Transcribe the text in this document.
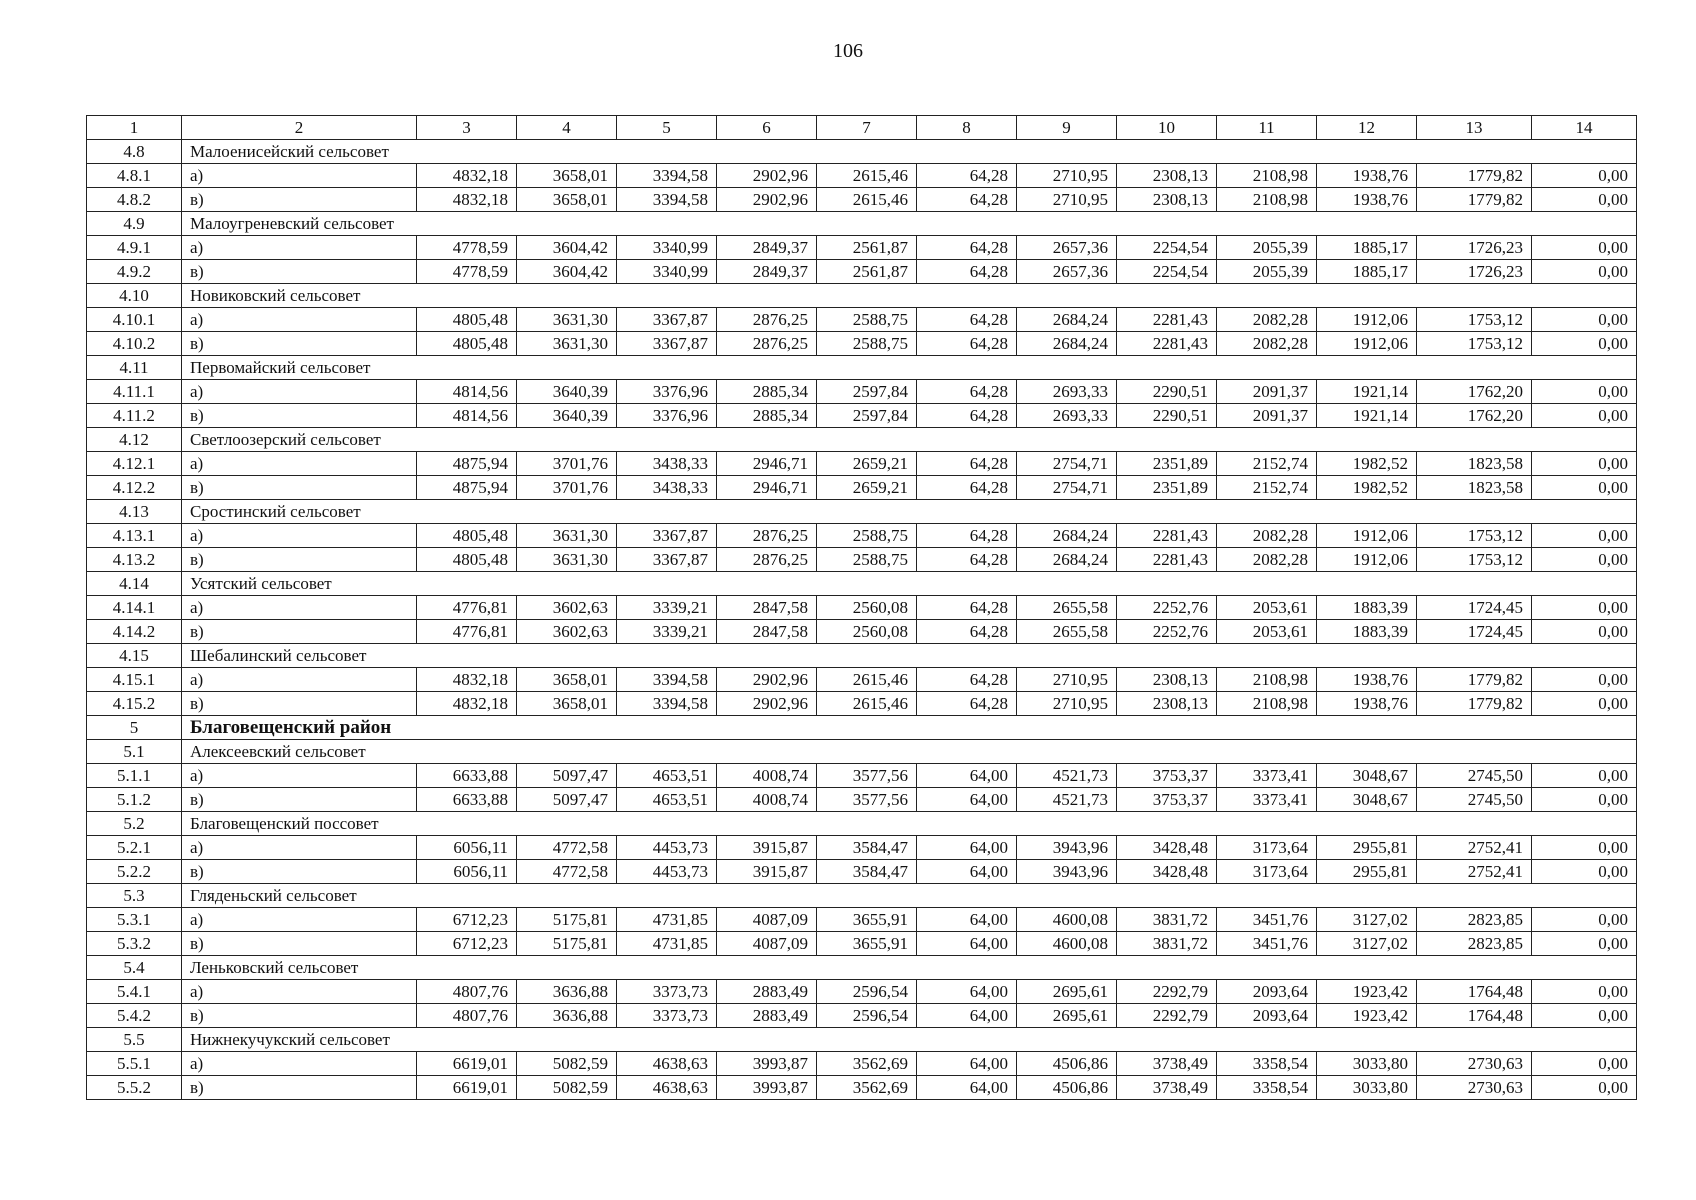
106
1	2	3	4	5	6	7	8	9	10	11	12	13	14
4.8	Малоенисейский сельсовет												
4.8.1	а)	4832,18	3658,01	3394,58	2902,96	2615,46	64,28	2710,95	2308,13	2108,98	1938,76	1779,82	0,00
4.8.2	в)	4832,18	3658,01	3394,58	2902,96	2615,46	64,28	2710,95	2308,13	2108,98	1938,76	1779,82	0,00
4.9	Малоугреневский сельсовет												
4.9.1	а)	4778,59	3604,42	3340,99	2849,37	2561,87	64,28	2657,36	2254,54	2055,39	1885,17	1726,23	0,00
4.9.2	в)	4778,59	3604,42	3340,99	2849,37	2561,87	64,28	2657,36	2254,54	2055,39	1885,17	1726,23	0,00
4.10	Новиковский сельсовет												
4.10.1	а)	4805,48	3631,30	3367,87	2876,25	2588,75	64,28	2684,24	2281,43	2082,28	1912,06	1753,12	0,00
4.10.2	в)	4805,48	3631,30	3367,87	2876,25	2588,75	64,28	2684,24	2281,43	2082,28	1912,06	1753,12	0,00
4.11	Первомайский сельсовет												
4.11.1	а)	4814,56	3640,39	3376,96	2885,34	2597,84	64,28	2693,33	2290,51	2091,37	1921,14	1762,20	0,00
4.11.2	в)	4814,56	3640,39	3376,96	2885,34	2597,84	64,28	2693,33	2290,51	2091,37	1921,14	1762,20	0,00
4.12	Светлоозерский сельсовет												
4.12.1	а)	4875,94	3701,76	3438,33	2946,71	2659,21	64,28	2754,71	2351,89	2152,74	1982,52	1823,58	0,00
4.12.2	в)	4875,94	3701,76	3438,33	2946,71	2659,21	64,28	2754,71	2351,89	2152,74	1982,52	1823,58	0,00
4.13	Сростинский сельсовет												
4.13.1	а)	4805,48	3631,30	3367,87	2876,25	2588,75	64,28	2684,24	2281,43	2082,28	1912,06	1753,12	0,00
4.13.2	в)	4805,48	3631,30	3367,87	2876,25	2588,75	64,28	2684,24	2281,43	2082,28	1912,06	1753,12	0,00
4.14	Усятский сельсовет												
4.14.1	а)	4776,81	3602,63	3339,21	2847,58	2560,08	64,28	2655,58	2252,76	2053,61	1883,39	1724,45	0,00
4.14.2	в)	4776,81	3602,63	3339,21	2847,58	2560,08	64,28	2655,58	2252,76	2053,61	1883,39	1724,45	0,00
4.15	Шебалинский сельсовет												
4.15.1	а)	4832,18	3658,01	3394,58	2902,96	2615,46	64,28	2710,95	2308,13	2108,98	1938,76	1779,82	0,00
4.15.2	в)	4832,18	3658,01	3394,58	2902,96	2615,46	64,28	2710,95	2308,13	2108,98	1938,76	1779,82	0,00
5	Благовещенский район												
5.1	Алексеевский сельсовет												
5.1.1	а)	6633,88	5097,47	4653,51	4008,74	3577,56	64,00	4521,73	3753,37	3373,41	3048,67	2745,50	0,00
5.1.2	в)	6633,88	5097,47	4653,51	4008,74	3577,56	64,00	4521,73	3753,37	3373,41	3048,67	2745,50	0,00
5.2	Благовещенский поссовет												
5.2.1	а)	6056,11	4772,58	4453,73	3915,87	3584,47	64,00	3943,96	3428,48	3173,64	2955,81	2752,41	0,00
5.2.2	в)	6056,11	4772,58	4453,73	3915,87	3584,47	64,00	3943,96	3428,48	3173,64	2955,81	2752,41	0,00
5.3	Гляденьский сельсовет												
5.3.1	а)	6712,23	5175,81	4731,85	4087,09	3655,91	64,00	4600,08	3831,72	3451,76	3127,02	2823,85	0,00
5.3.2	в)	6712,23	5175,81	4731,85	4087,09	3655,91	64,00	4600,08	3831,72	3451,76	3127,02	2823,85	0,00
5.4	Леньковский сельсовет												
5.4.1	а)	4807,76	3636,88	3373,73	2883,49	2596,54	64,00	2695,61	2292,79	2093,64	1923,42	1764,48	0,00
5.4.2	в)	4807,76	3636,88	3373,73	2883,49	2596,54	64,00	2695,61	2292,79	2093,64	1923,42	1764,48	0,00
5.5	Нижнекучукский сельсовет												
5.5.1	а)	6619,01	5082,59	4638,63	3993,87	3562,69	64,00	4506,86	3738,49	3358,54	3033,80	2730,63	0,00
5.5.2	в)	6619,01	5082,59	4638,63	3993,87	3562,69	64,00	4506,86	3738,49	3358,54	3033,80	2730,63	0,00
